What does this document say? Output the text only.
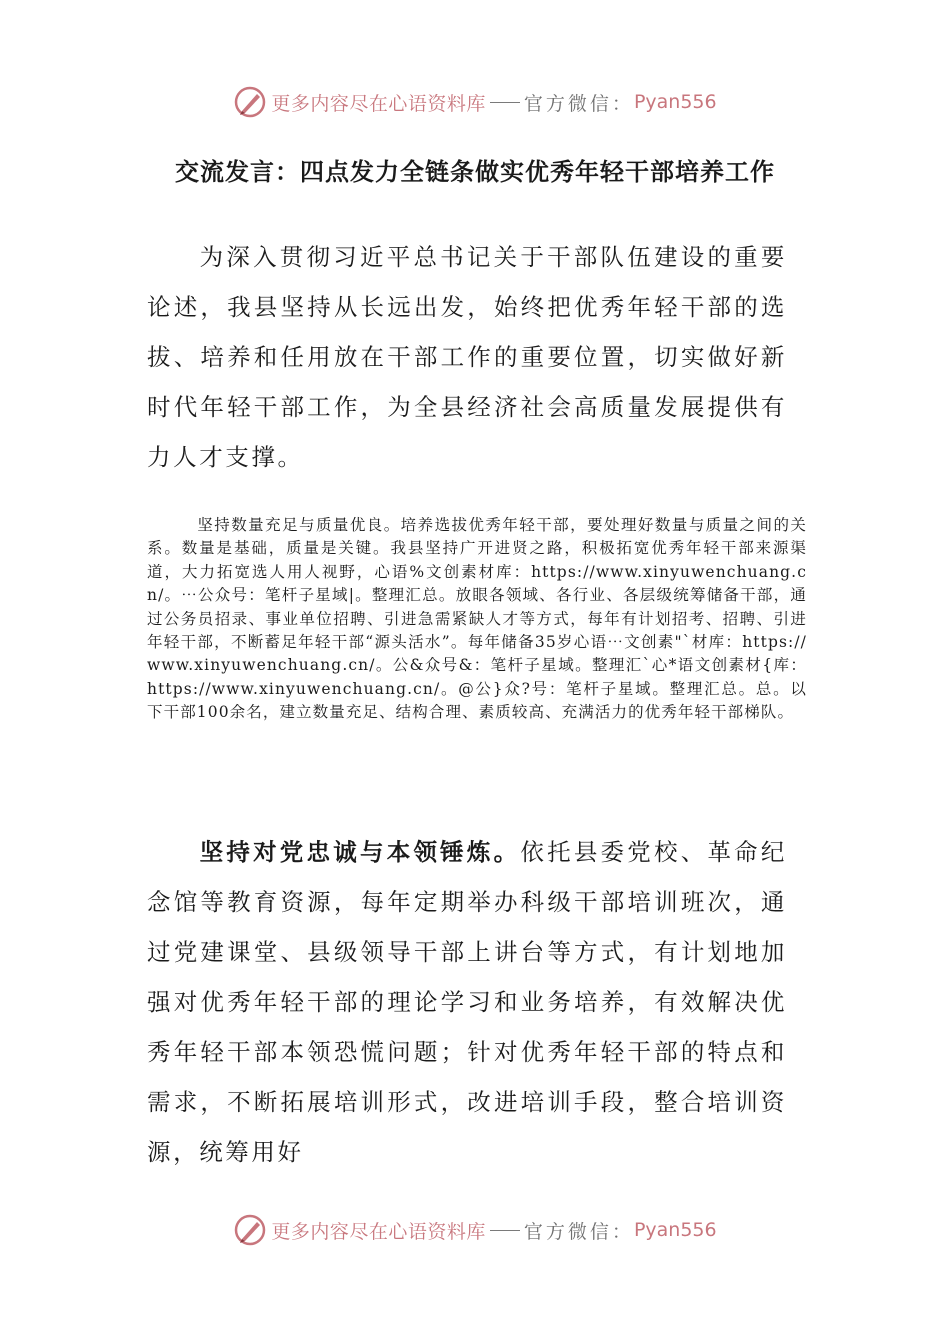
更多内容尽在心语资料库 官方微信： Pyan556
交流发言：四点发力全链条做实优秀年轻干部培养工作

为深入贯彻习近平总书记关于干部队伍建设的重要论述，我县坚持从长远出发，始终把优秀年轻干部的选拔、培养和任用放在干部工作的重要位置，切实做好新时代年轻干部工作，为全县经济社会高质量发展提供有力人才支撑。

坚持数量充足与质量优良。培养选拔优秀年轻干部，要处理好数量与质量之间的关系。数量是基础，质量是关键。我县坚持广开进贤之路，积极拓宽优秀年轻干部来源渠道，大力拓宽选人用人视野，心语%文创素材库：https://www.xinyuwenchuang.cn/。⋯公众号：笔杆子星域|。整理汇总。放眼各领域、各行业、各层级统筹储备干部，通过公务员招录、事业单位招聘、引进急需紧缺人才等方式，每年有计划招考、招聘、引进年轻干部，不断蓄足年轻干部“源头活水”。每年储备35岁心语⋯文创素"`材库：https://www.xinyuwenchuang.cn/。公&众号&：笔杆子星域。整理汇`心*语文创素材{库：https://www.xinyuwenchuang.cn/。@公}众?号：笔杆子星域。整理汇总。总。以下干部100余名，建立数量充足、结构合理、素质较高、充满活力的优秀年轻干部梯队。

坚持对党忠诚与本领锤炼。依托县委党校、革命纪念馆等教育资源，每年定期举办科级干部培训班次，通过党建课堂、县级领导干部上讲台等方式，有计划地加强对优秀年轻干部的理论学习和业务培养，有效解决优秀年轻干部本领恐慌问题；针对优秀年轻干部的特点和需求，不断拓展培训形式，改进培训手段，整合培训资源，统筹用好

更多内容尽在心语资料库 官方微信： Pyan556
